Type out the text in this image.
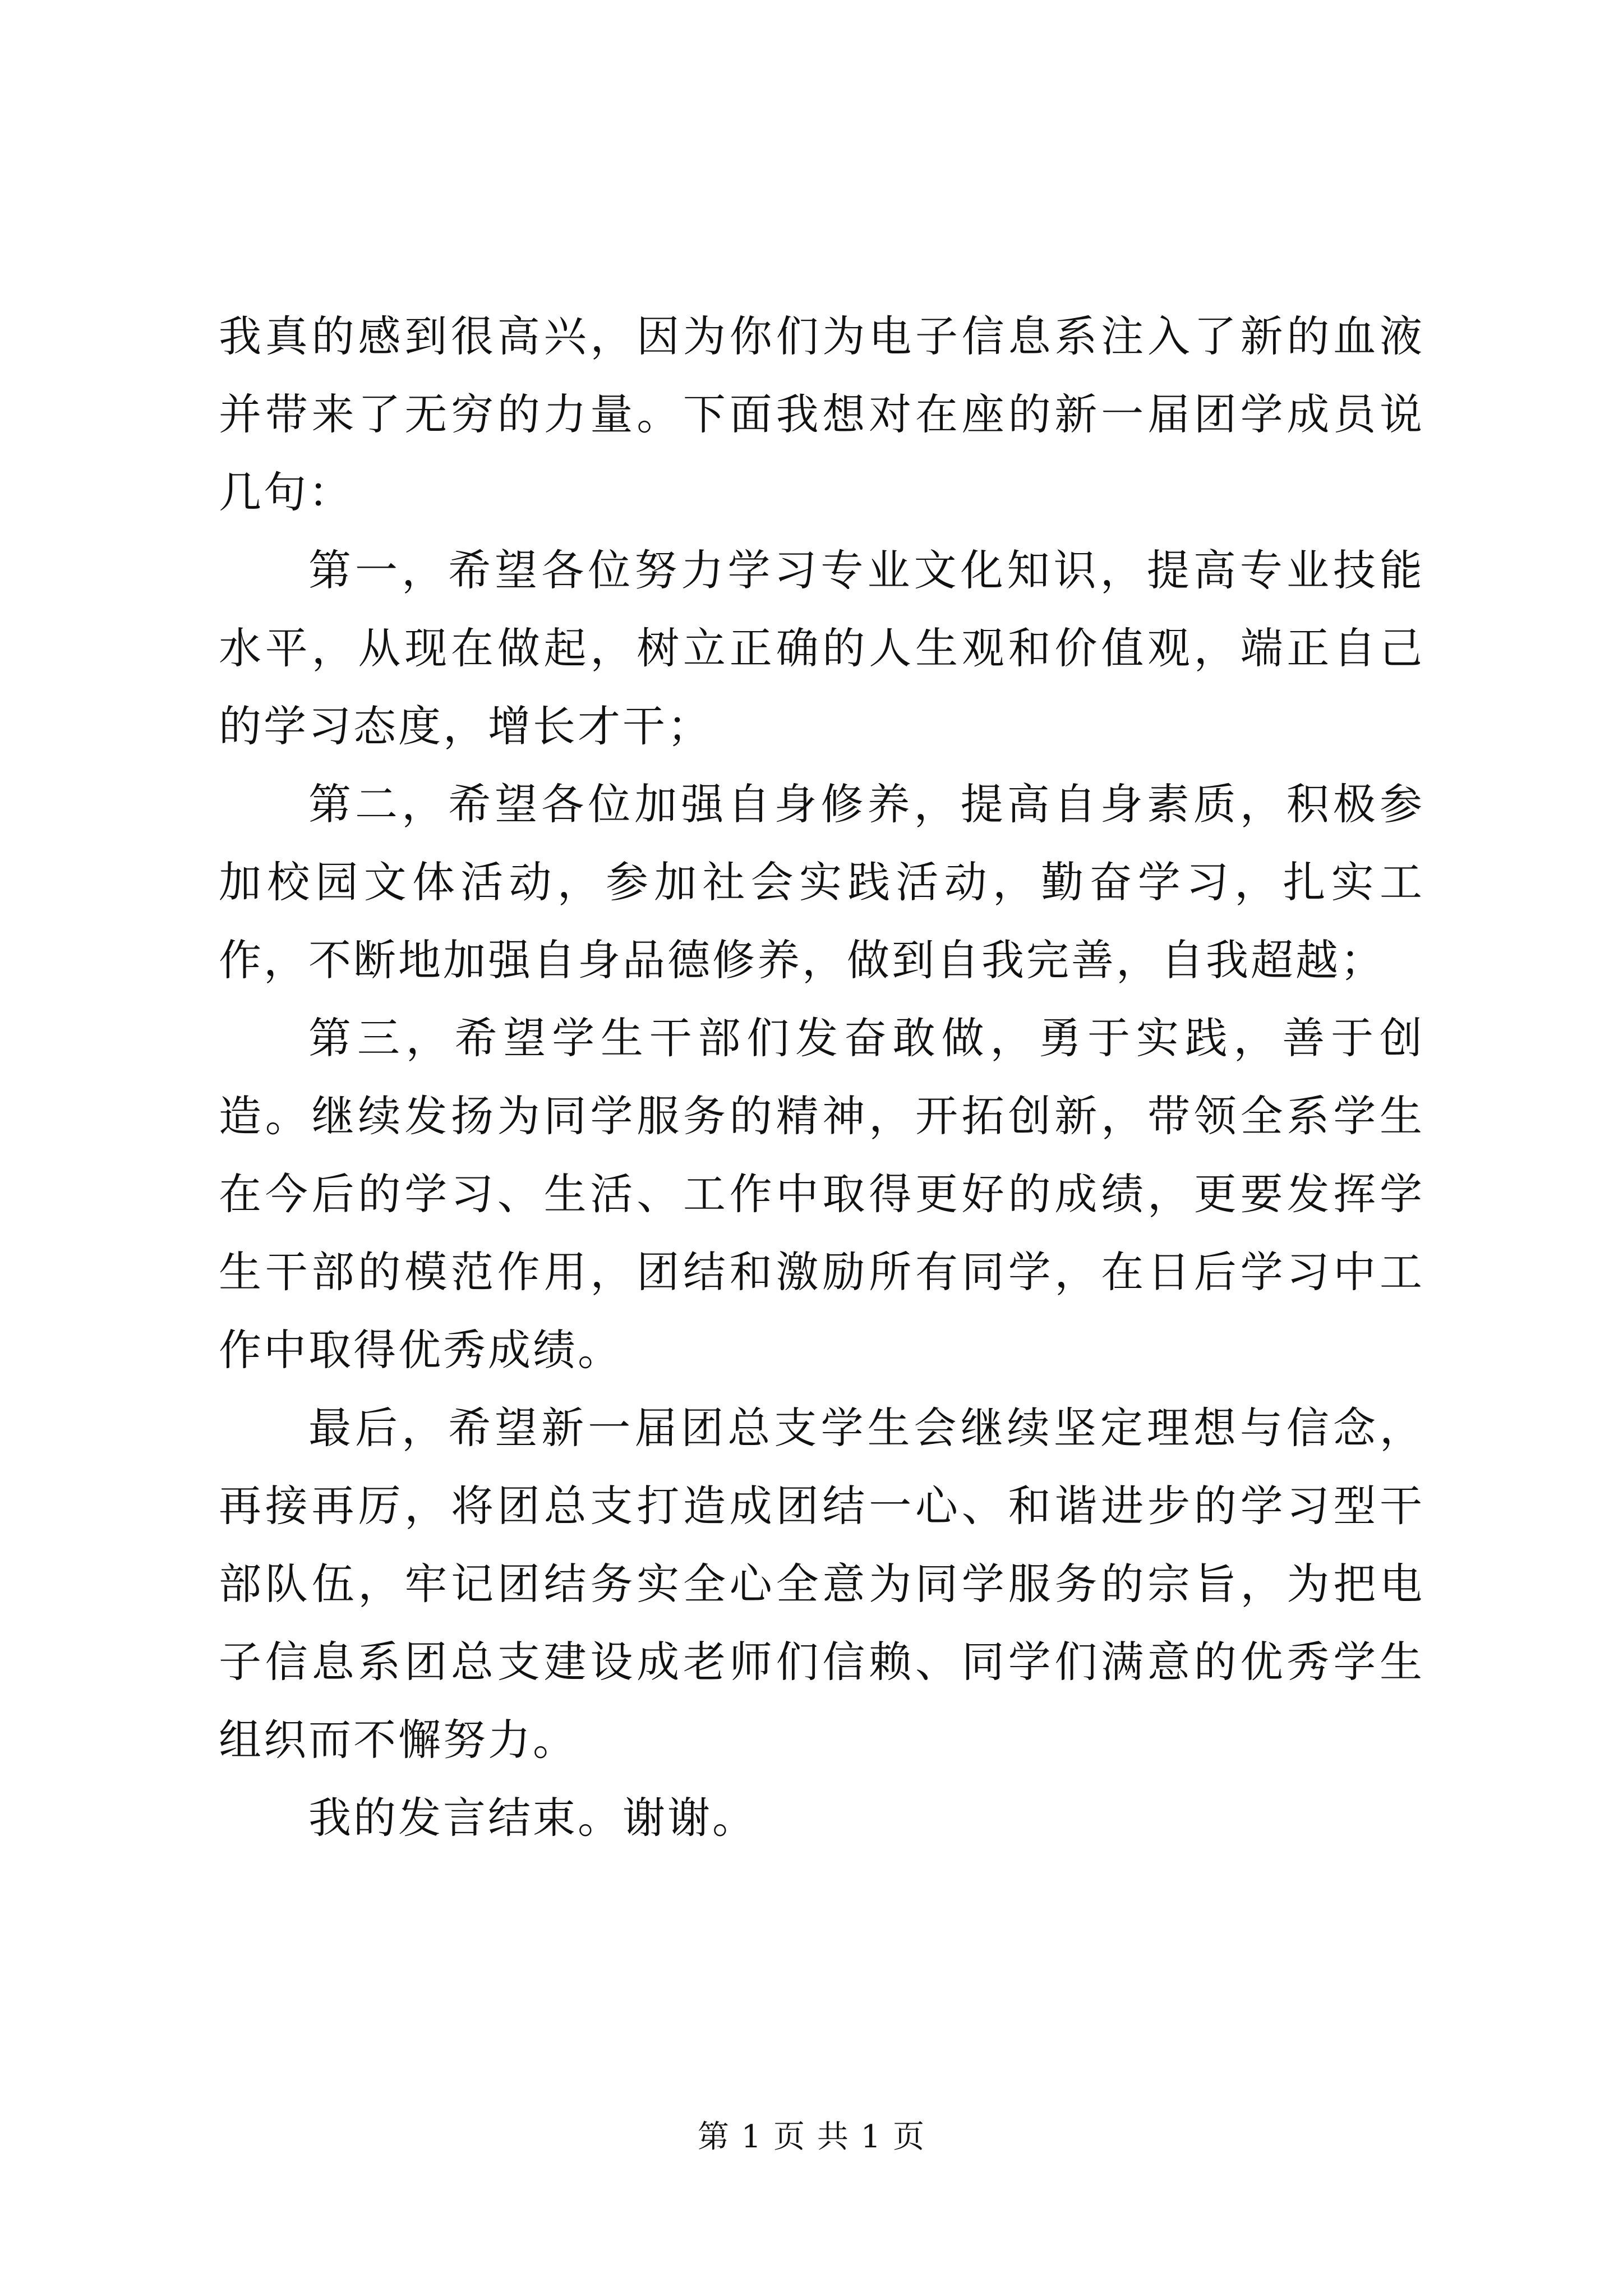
我真的感到很高兴，因为你们为电子信息系注入了新的血液并带来了无穷的力量。下面我想对在座的新一届团学成员说几句：

第一，希望各位努力学习专业文化知识，提高专业技能水平，从现在做起，树立正确的人生观和价值观，端正自己的学习态度，增长才干；

第二，希望各位加强自身修养，提高自身素质，积极参加校园文体活动，参加社会实践活动，勤奋学习，扎实工作，不断地加强自身品德修养，做到自我完善，自我超越；

第三，希望学生干部们发奋敢做，勇于实践，善于创造。继续发扬为同学服务的精神，开拓创新，带领全系学生在今后的学习、生活、工作中取得更好的成绩，更要发挥学生干部的模范作用，团结和激励所有同学，在日后学习中工作中取得优秀成绩。

最后，希望新一届团总支学生会继续坚定理想与信念，再接再厉，将团总支打造成团结一心、和谐进步的学习型干部队伍，牢记团结务实全心全意为同学服务的宗旨，为把电子信息系团总支建设成老师们信赖、同学们满意的优秀学生组织而不懈努力。

我的发言结束。谢谢。

第 1 页 共 1 页
